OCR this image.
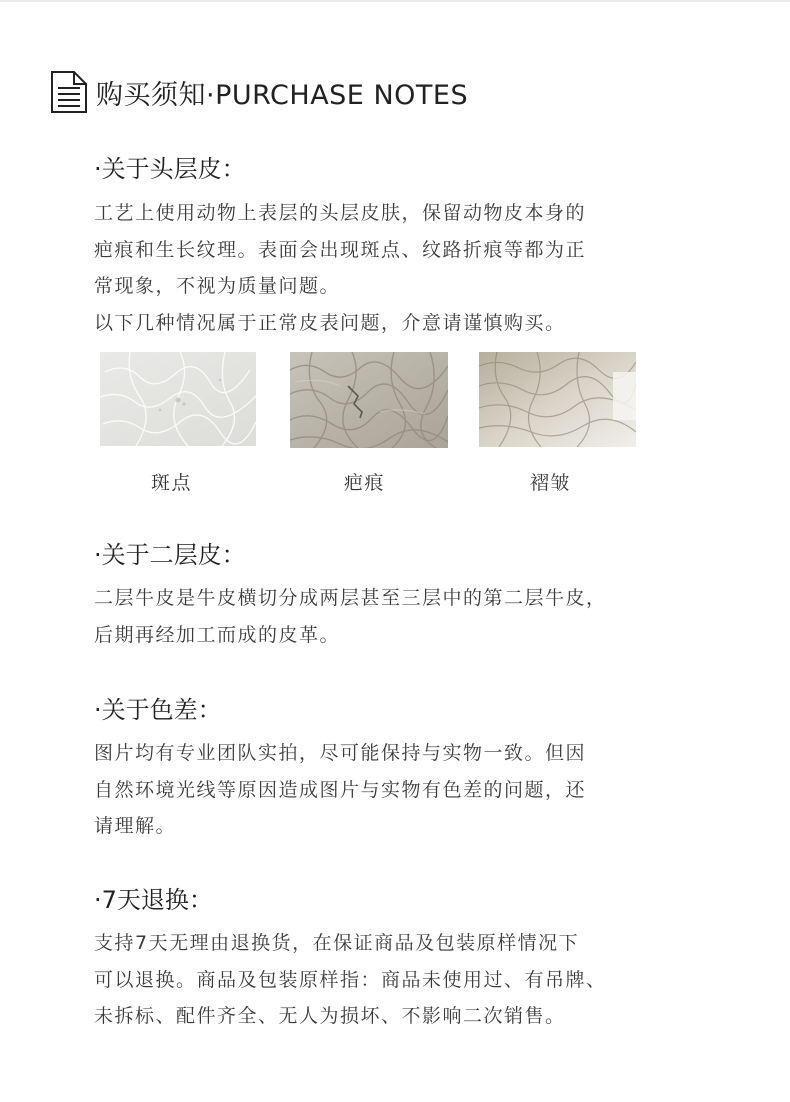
购买须知·PURCHASE NOTES

·关于头层皮：

工艺上使用动物上表层的头层皮肤，保留动物皮本身的

疤痕和生长纹理。表面会出现斑点、纹路折痕等都为正

常现象，不视为质量问题。

以下几种情况属于正常皮表问题，介意请谨慎购买。

斑点	疤痕	褶皱

·关于二层皮：

二层牛皮是牛皮横切分成两层甚至三层中的第二层牛皮，

后期再经加工而成的皮革。

·关于色差：

图片均有专业团队实拍，尽可能保持与实物一致。但因

自然环境光线等原因造成图片与实物有色差的问题，还

请理解。

·7天退换：

支持7天无理由退换货，在保证商品及包装原样情况下

可以退换。商品及包装原样指：商品未使用过、有吊牌、

未拆标、配件齐全、无人为损坏、不影响二次销售。
